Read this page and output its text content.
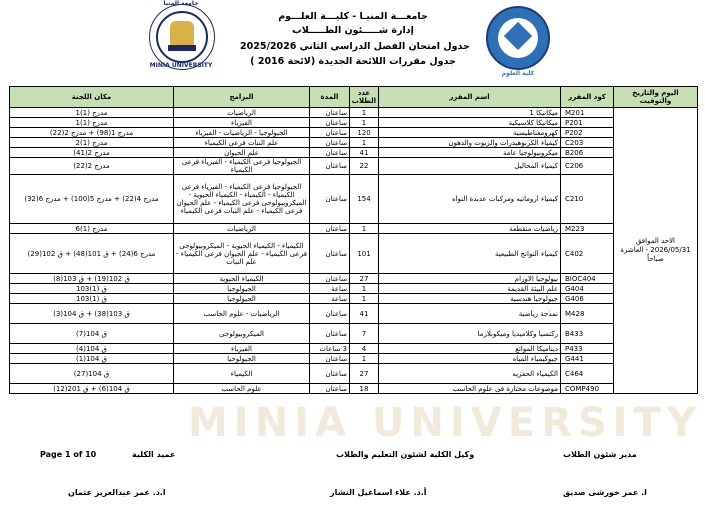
MINIA UNIVERSITY
جامعة المنيا
كلية العلوم
جامعـــة المنيـا - كليـــة العلـــوم
إدارة شـــــئون الطـــــلاب
جدول امتحان الفصل الدراسي الثاني 2025/2026
جدول مقررات اللائحة الجديدة (لائحة 2016 )
MINIA UNIVERSITY
اليوم والتاريخ والتوقيت	كود المقرر	اسم المقرر	عدد الطلاب	المدة	البرامج	مكان اللجنة
الاحد الموافق 2026/05/31 - العاشرة صباحاً	M201	ميكانيكا 1	1	ساعتان	الرياضيات	مدرج (1)1
	P201	ميكانيكا كلاسيكية	1	ساعتان	الفيزياء	مدرج (1)1
	P202	كهرومغناطيسية	120	ساعتان	الجيولوجيا - الرياضيات - الفيزياء	مدرج 1(98) + مدرج 2(22)
	C203	كيمياء الكربوهيدرات والزيوت والدهون	1	ساعتان	علم النبات فرعى الكيمياء	مدرج (1)2
	B206	ميكروبيولوجيا عامة	41	ساعتان	علم الحيوان	مدرج 2(41)
	C206	كيمياء المحاليل	22	ساعتان	الجيولوجيا فرعى الكيمياء - الفيزياء فرعى الكيمياء	مدرج 2(22)
	C210	كيمياء اروماتيه ومركبات عديدة النواه	154	ساعتان	الجيولوجيا فرعى الكيمياء - الفيزياء فرعى الكيمياء - الكيمياء - الكيمياء الحيوية - الميكروبيولوجى فرعى الكيمياء - علم الحيوان فرعى الكيمياء - علم النبات فرعى الكيمياء	مدرج 4(22) + مدرج 5(100) + مدرج 6(32)
	M223	رياضيات متقطعة	1	ساعتان	الرياضيات	مدرج (1)6
	C402	كيمياء النواتج الطبيعية	101	ساعتان	الكيمياء - الكيمياء الحيوية - الميكروبيولوجى فرعى الكيمياء - علم الحيوان فرعى الكيمياء - علم النبات	مدرج 6(24) + ق 101(48) + ق 102(29)
	BIOC404	بيولوجيا الاورام	27	ساعتان	الكيمياء الحيوية	ق 102(19) + ق 103(8)
	G404	علم البيئة القديمة	1	ساعة	الجيولوجيا	ق (1)103
	G406	جيولوجيا هندسية	1	ساعة	الجيولوجيا	ق (1)103
	M428	نمذجة رياضية	41	ساعتان	الرياضيات - علوم الحاسب	ق 103(38) + ق 104(3)
	B433	ركتسيا وكلاميديا وميكوبلازما	7	ساعتان	الميكروبيولوجى	ق 104(7)
	P433	ديناميكا الموائع	4	3 ساعات	الفيزياء	ق 104(4)
	G441	جيوكيمياء المياه	1	ساعتان	الجيولوجيا	ق 104(1)
	C464	الكيمياء الحفزيه	27	ساعتان	الكيمياء	ق 104(27)
	COMP490	موضوعات مختارة فى علوم الحاسب	18	ساعتان	علوم الحاسب	ق 104(6) + ق 201(12)
Page 1 of 10	عميد الكلية	وكيل الكلية لشئون التعليم والطلاب	مدير شئون الطلاب
ا.د. عمر عبدالعزيز عثمان	أ.د. علاء اسماعيل النشار	ا. عمر خورشى صديق
